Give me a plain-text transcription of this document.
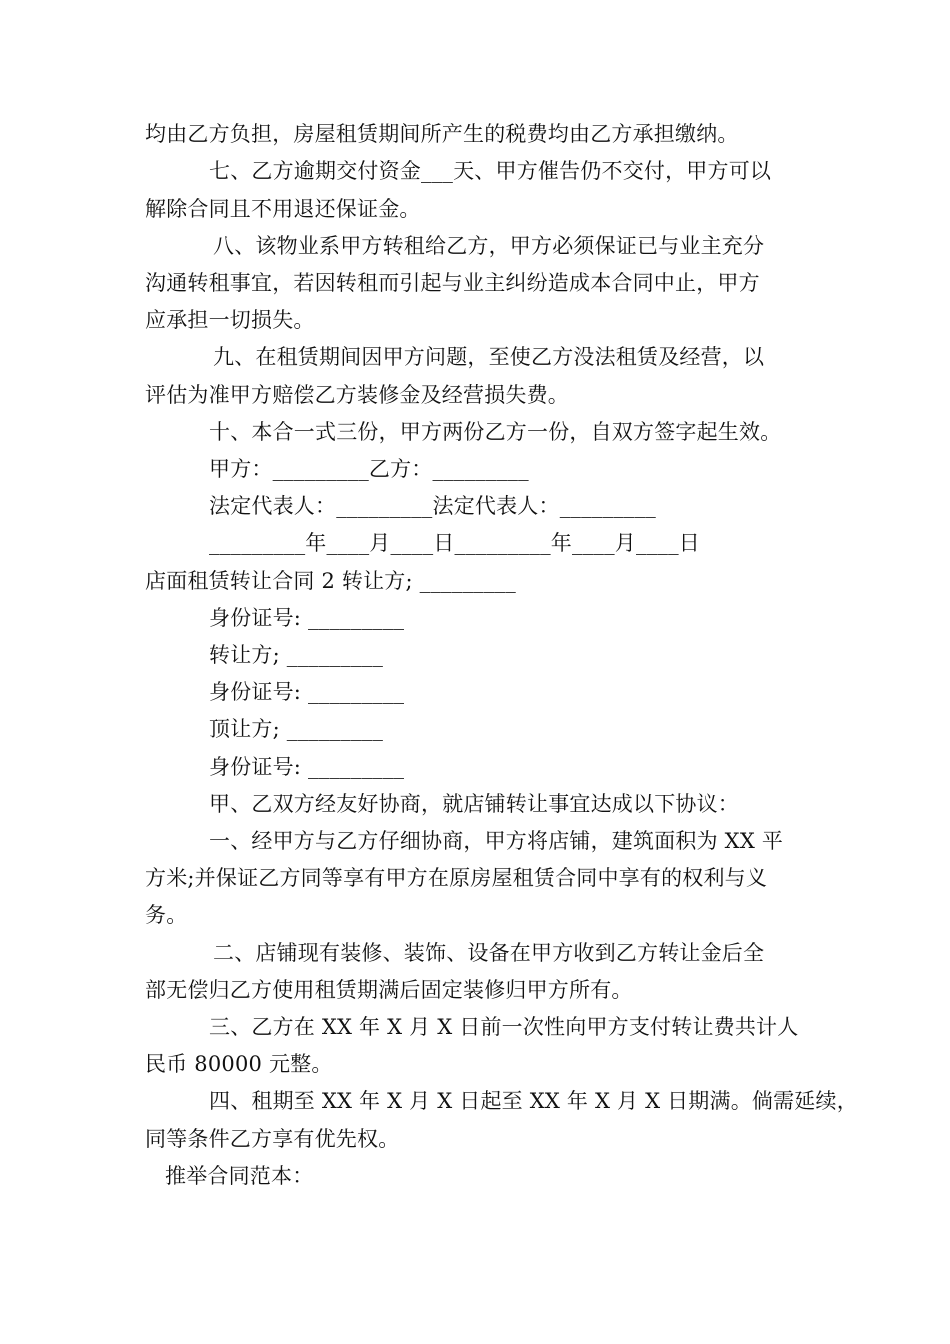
均由乙方负担，房屋租赁期间所产生的税费均由乙方承担缴纳。
七、乙方逾期交付资金___天、甲方催告仍不交付，甲方可以
解除合同且不用退还保证金。
八、该物业系甲方转租给乙方，甲方必须保证已与业主充分
沟通转租事宜，若因转租而引起与业主纠纷造成本合同中止，甲方
应承担一切损失。
九、在租赁期间因甲方问题，至使乙方没法租赁及经营，以
评估为准甲方赔偿乙方装修金及经营损失费。
十、本合一式三份，甲方两份乙方一份，自双方签字起生效。
甲方：_________乙方：_________
法定代表人：_________法定代表人：_________
_________年____月____日_________年____月____日
店面租赁转让合同 2 转让方; _________
身份证号: _________
转让方; _________
身份证号: _________
顶让方; _________
身份证号: _________
甲、乙双方经友好协商，就店铺转让事宜达成以下协议：
一、经甲方与乙方仔细协商，甲方将店铺，建筑面积为 XX 平
方米;并保证乙方同等享有甲方在原房屋租赁合同中享有的权利与义
务。
二、店铺现有装修、装饰、设备在甲方收到乙方转让金后全
部无偿归乙方使用租赁期满后固定装修归甲方所有。
三、乙方在 XX 年 X 月 X 日前一次性向甲方支付转让费共计人
民币 80000 元整。
四、租期至 XX 年 X 月 X 日起至 XX 年 X 月 X 日期满。倘需延续，
同等条件乙方享有优先权。
推举合同范本：
